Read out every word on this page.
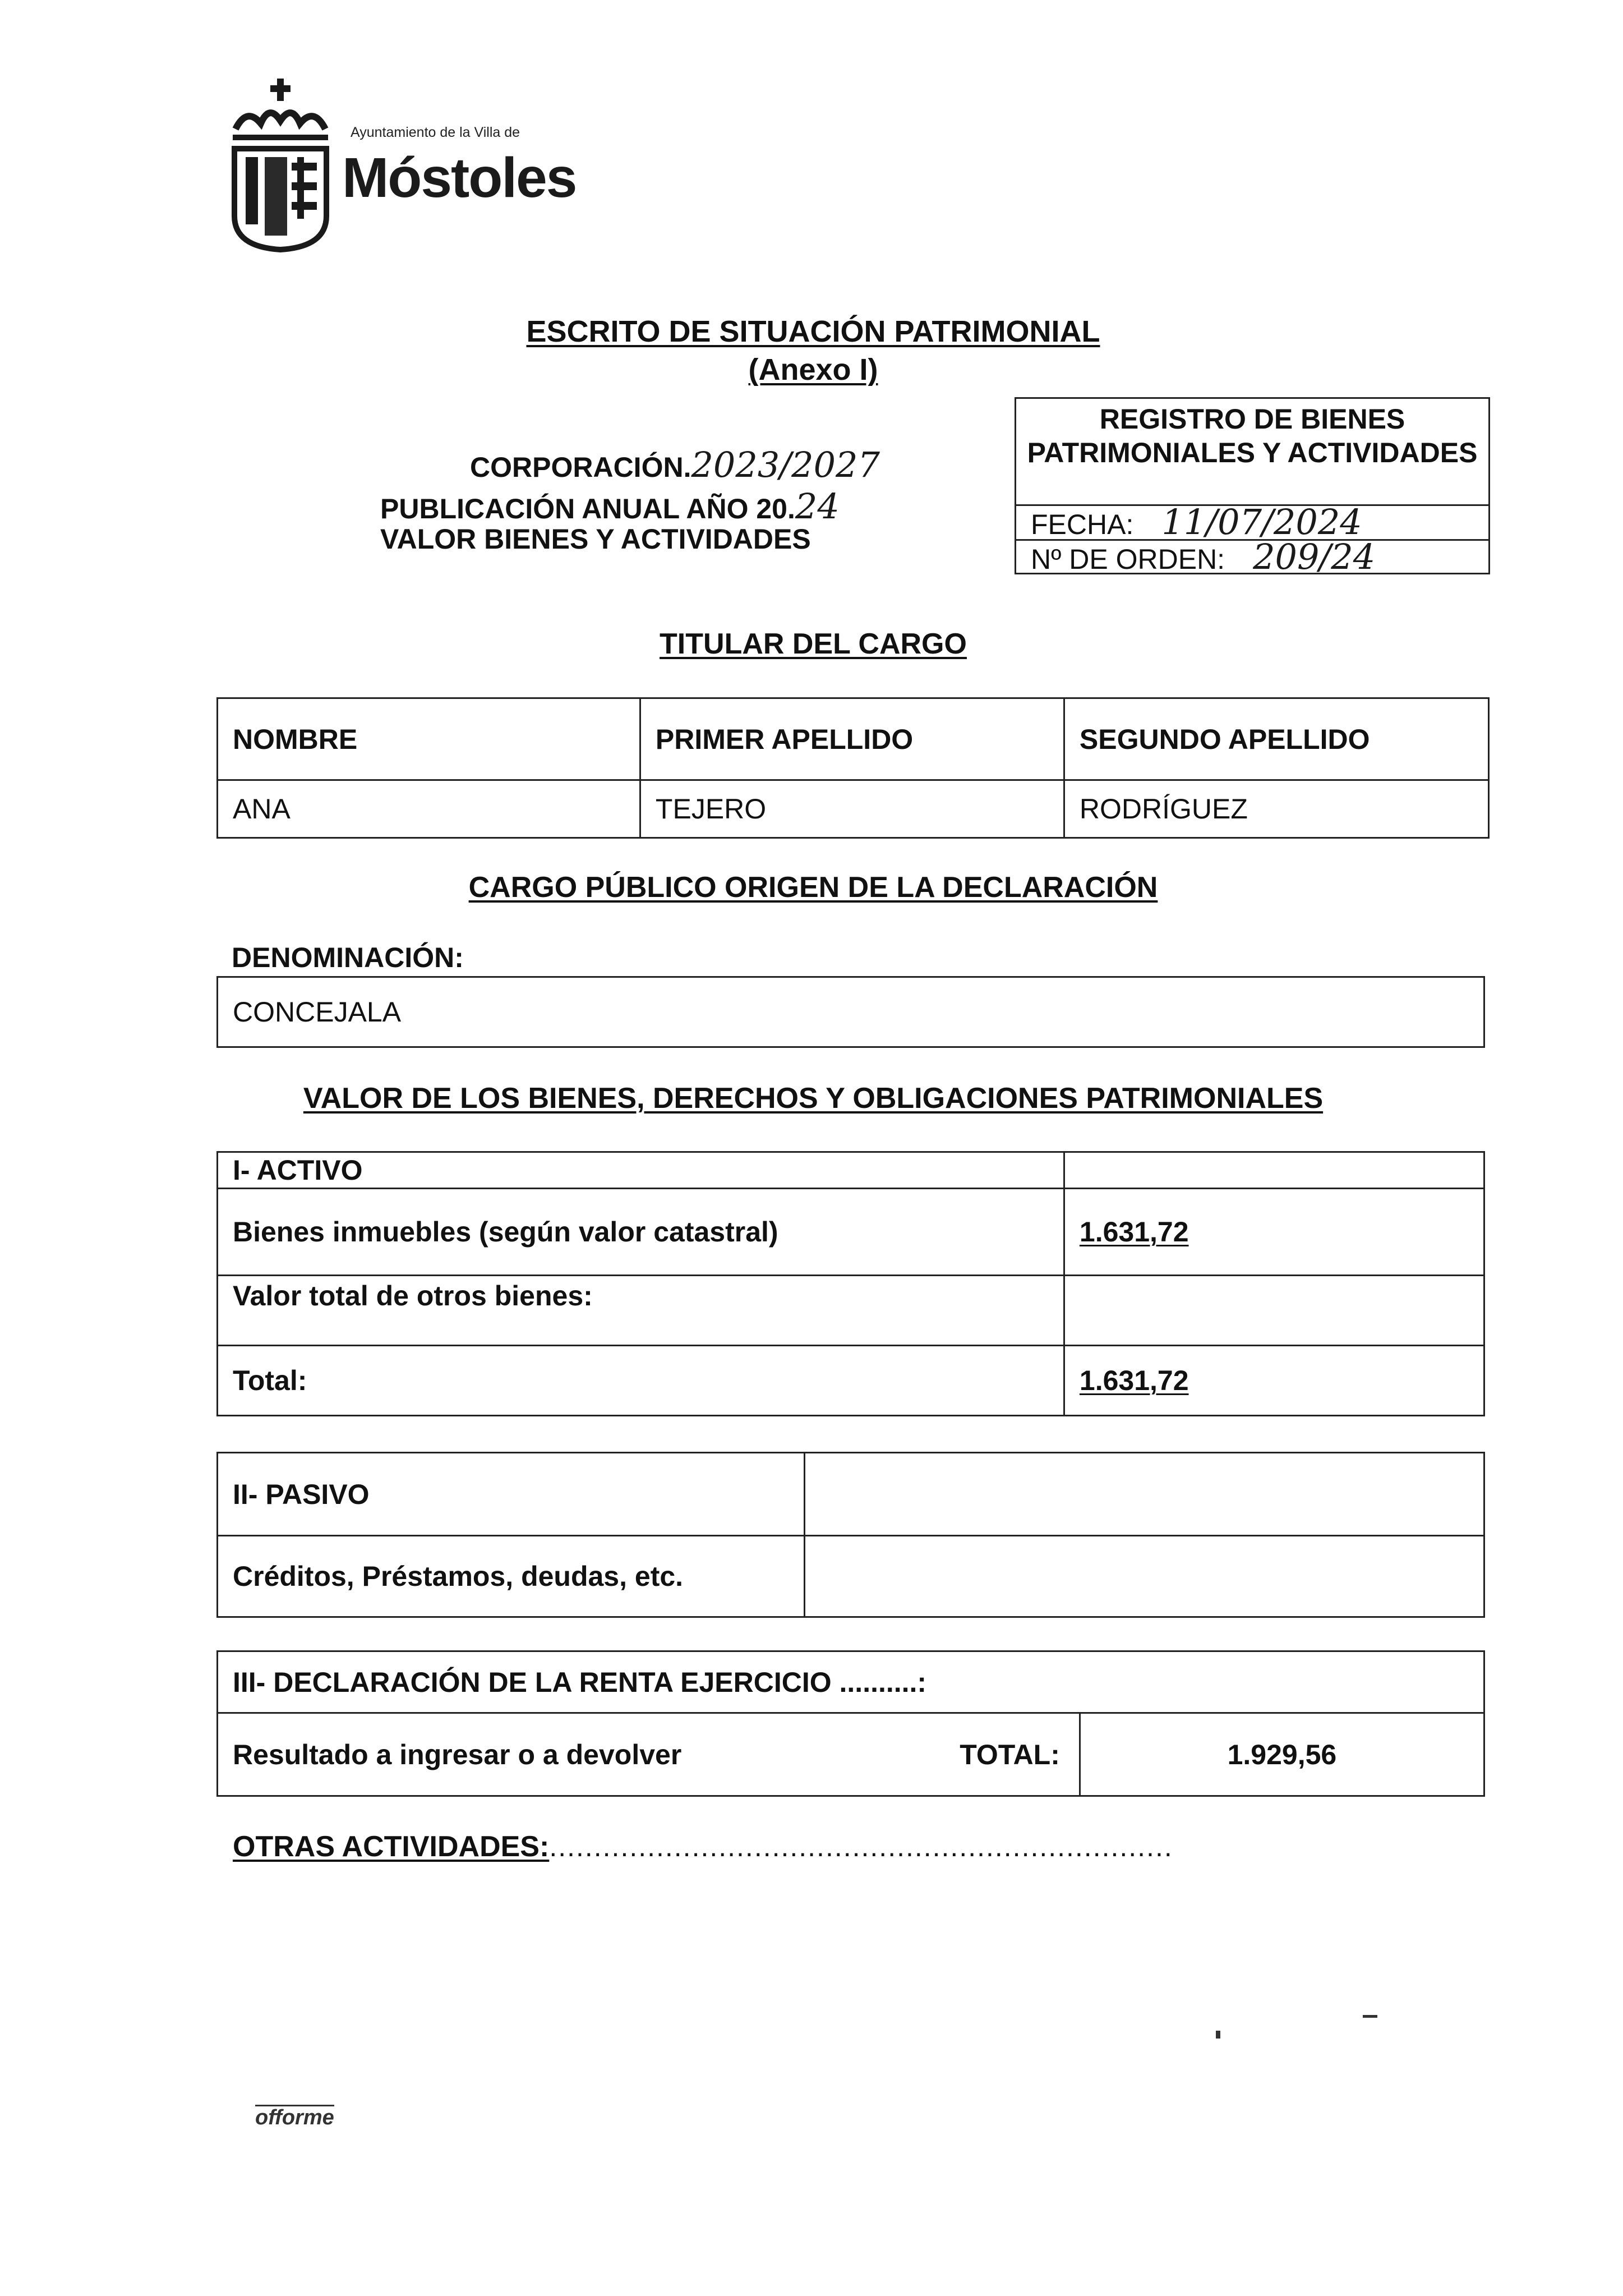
Ayuntamiento de la Villa de
Móstoles
ESCRITO DE SITUACIÓN PATRIMONIAL
(Anexo I)
CORPORACIÓN.2023/2027
PUBLICACIÓN ANUAL AÑO 20.24
VALOR BIENES Y ACTIVIDADES
REGISTRO DE BIENES PATRIMONIALES Y ACTIVIDADES
FECHA: 11/07/2024
Nº DE ORDEN: 209/24
TITULAR DEL CARGO
NOMBRE	PRIMER APELLIDO	SEGUNDO APELLIDO
ANA	TEJERO	RODRÍGUEZ
CARGO PÚBLICO ORIGEN DE LA DECLARACIÓN
DENOMINACIÓN:
CONCEJALA
VALOR DE LOS BIENES, DERECHOS Y OBLIGACIONES PATRIMONIALES
I- ACTIVO	
Bienes inmuebles (según valor catastral)	1.631,72
Valor total de otros bienes:	
Total:	1.631,72
II- PASIVO	
Créditos, Préstamos, deudas, etc.	
III- DECLARACIÓN DE LA RENTA EJERCICIO ..........:
Resultado a ingresar o a devolver	TOTAL:	1.929,56
OTRAS ACTIVIDADES:......................................................................
offorme
